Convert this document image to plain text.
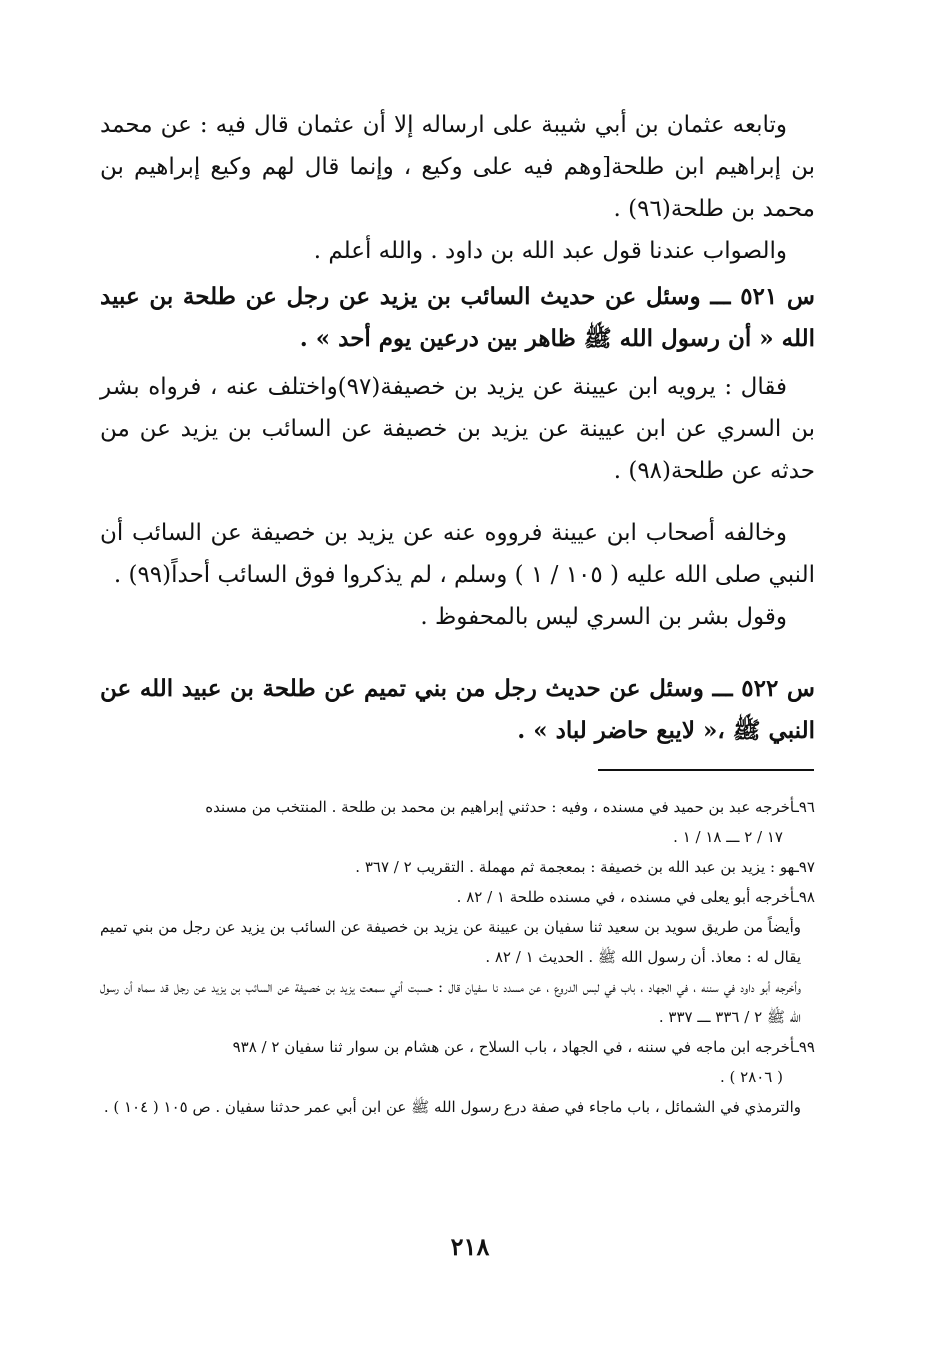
وتابعه عثمان بن أبي شيبة على ارساله إلا أن عثمان قال فيه : عن محمد بن إبراهيم ابن طلحة[وهم فيه على وكيع ، وإنما قال لهم وكيع إبراهيم بن محمد بن طلحة(٩٦) .

والصواب عندنا قول عبد الله بن داود . والله أعلم .

س ٥٢١ ـــ وسئل عن حديث السائب بن يزيد عن رجل عن طلحة بن عبيد الله « أن رسول الله ﷺ ظاهر بين درعين يوم أحد » .

فقال : يرويه ابن عيينة عن يزيد بن خصيفة(٩٧)واختلف عنه ، فرواه بشر بن السري عن ابن عيينة عن يزيد بن خصيفة عن السائب بن يزيد عن من حدثه عن طلحة(٩٨) .

وخالفه أصحاب ابن عيينة فرووه عنه عن يزيد بن خصيفة عن السائب أن النبي صلى الله عليه ( ١٠٥ / ١ ) وسلم ، لم يذكروا فوق السائب أحداً(٩٩) .

وقول بشر بن السري ليس بالمحفوظ .

س ٥٢٢ ـــ وسئل عن حديث رجل من بني تميم عن طلحة بن عبيد الله عن النبي ﷺ ،« لايبع حاضر لباد » .

٩٦ـأخرجه عبد بن حميد في مسنده ، وفيه : حدثني إبراهيم بن محمد بن طلحة . المنتخب من مسنده

١٧ / ٢ ـــ ١٨ / ١ .

٩٧ـهو : يزيد بن عبد الله بن خصيفة : بمعجمة ثم مهملة . التقريب ٢ / ٣٦٧ .

٩٨ـأخرجه أبو يعلى في مسنده ، في مسنده طلحة ١ / ٨٢ .

وأيضاً من طريق سويد بن سعيد ثنا سفيان بن عيينة عن يزيد بن خصيفة عن السائب بن يزيد عن رجل من بني تميم يقال له : معاذ. أن رسول الله ﷺ . الحديث ١ / ٨٢ .

وأخرجه أبو داود في سننه ، في الجهاد ، باب في لبس الدروع ، عن مسدد نا سفيان قال : حسبت أني سمعت يزيد بن خصيفة عن السائب بن يزيد عن رجل قد سماه أن رسول الله ﷺ ٢ / ٣٣٦ ـــ ٣٣٧ .

٩٩ـأخرجه ابن ماجه في سننه ، في الجهاد ، باب السلاح ، عن هشام بن سوار ثنا سفيان ٢ / ٩٣٨

( ٢٨٠٦ ) .

والترمذي في الشمائل ، باب ماجاء في صفة درع رسول الله ﷺ عن ابن أبي عمر حدثنا سفيان . ص ١٠٥ ( ١٠٤ ) .

٢١٨
